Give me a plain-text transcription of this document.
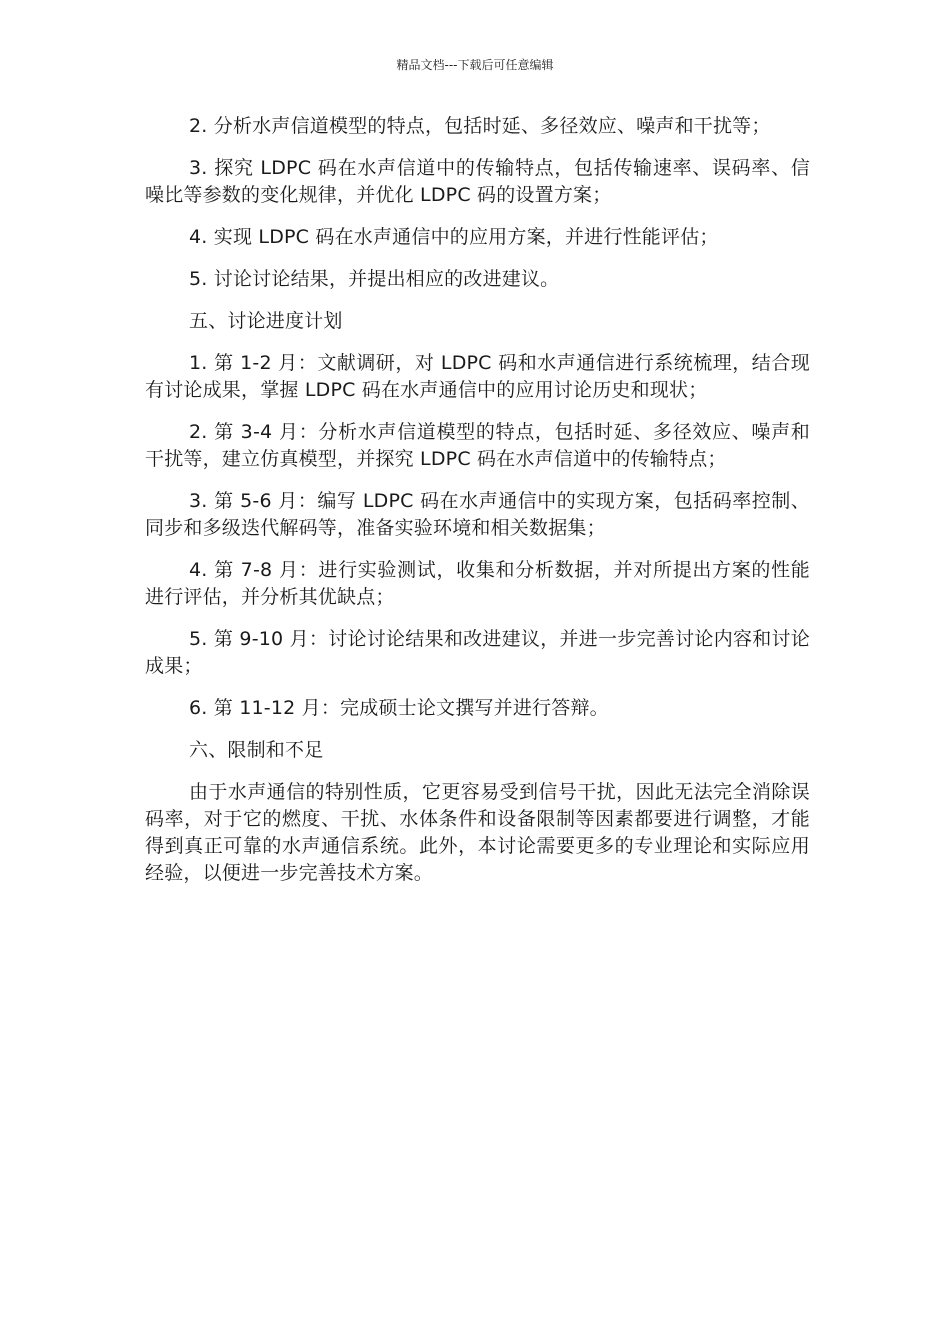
精品文档---下载后可任意编辑

2. 分析水声信道模型的特点，包括时延、多径效应、噪声和干扰等；

3. 探究 LDPC 码在水声信道中的传输特点，包括传输速率、误码率、信噪比等参数的变化规律，并优化 LDPC 码的设置方案；

4. 实现 LDPC 码在水声通信中的应用方案，并进行性能评估；

5. 讨论讨论结果，并提出相应的改进建议。

五、讨论进度计划

1. 第 1-2 月：文献调研，对 LDPC 码和水声通信进行系统梳理，结合现有讨论成果，掌握 LDPC 码在水声通信中的应用讨论历史和现状；

2. 第 3-4 月：分析水声信道模型的特点，包括时延、多径效应、噪声和干扰等，建立仿真模型，并探究 LDPC 码在水声信道中的传输特点；

3. 第 5-6 月：编写 LDPC 码在水声通信中的实现方案，包括码率控制、同步和多级迭代解码等，准备实验环境和相关数据集；

4. 第 7-8 月：进行实验测试，收集和分析数据，并对所提出方案的性能进行评估，并分析其优缺点；

5. 第 9-10 月：讨论讨论结果和改进建议，并进一步完善讨论内容和讨论成果；

6. 第 11-12 月：完成硕士论文撰写并进行答辩。

六、限制和不足

由于水声通信的特别性质，它更容易受到信号干扰，因此无法完全消除误码率，对于它的燃度、干扰、水体条件和设备限制等因素都要进行调整，才能得到真正可靠的水声通信系统。此外，本讨论需要更多的专业理论和实际应用经验，以便进一步完善技术方案。
